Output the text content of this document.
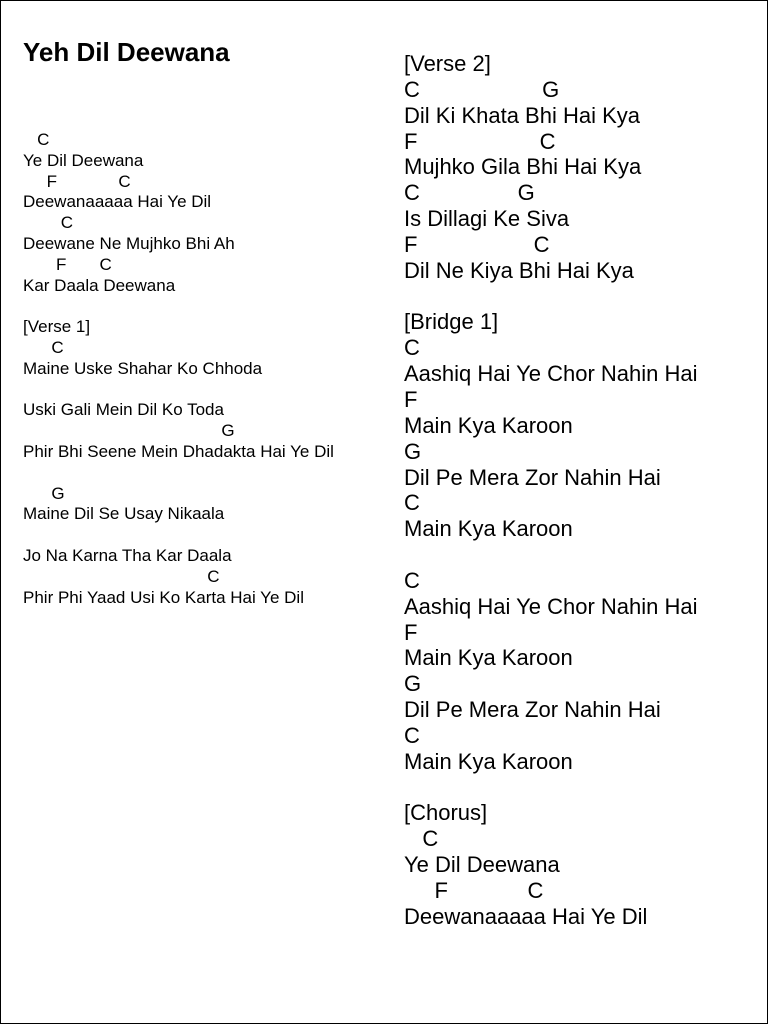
Yeh Dil Deewana
C
Ye Dil Deewana
F             C
Deewanaaaaa Hai Ye Dil
C
Deewane Ne Mujhko Bhi Ah
F       C
Kar Daala Deewana
[Verse 1]
C
Maine Uske Shahar Ko Chhoda
Uski Gali Mein Dil Ko Toda
G
Phir Bhi Seene Mein Dhadakta Hai Ye Dil
G
Maine Dil Se Usay Nikaala
Jo Na Karna Tha Kar Daala
C
Phir Phi Yaad Usi Ko Karta Hai Ye Dil
[Verse 2]
C                    G
Dil Ki Khata Bhi Hai Kya
F                    C
Mujhko Gila Bhi Hai Kya
C                G
Is Dillagi Ke Siva
F                   C
Dil Ne Kiya Bhi Hai Kya
[Bridge 1]
C
Aashiq Hai Ye Chor Nahin Hai
F
Main Kya Karoon
G
Dil Pe Mera Zor Nahin Hai
C
Main Kya Karoon
C
Aashiq Hai Ye Chor Nahin Hai
F
Main Kya Karoon
G
Dil Pe Mera Zor Nahin Hai
C
Main Kya Karoon
[Chorus]
C
Ye Dil Deewana
F             C
Deewanaaaaa Hai Ye Dil
